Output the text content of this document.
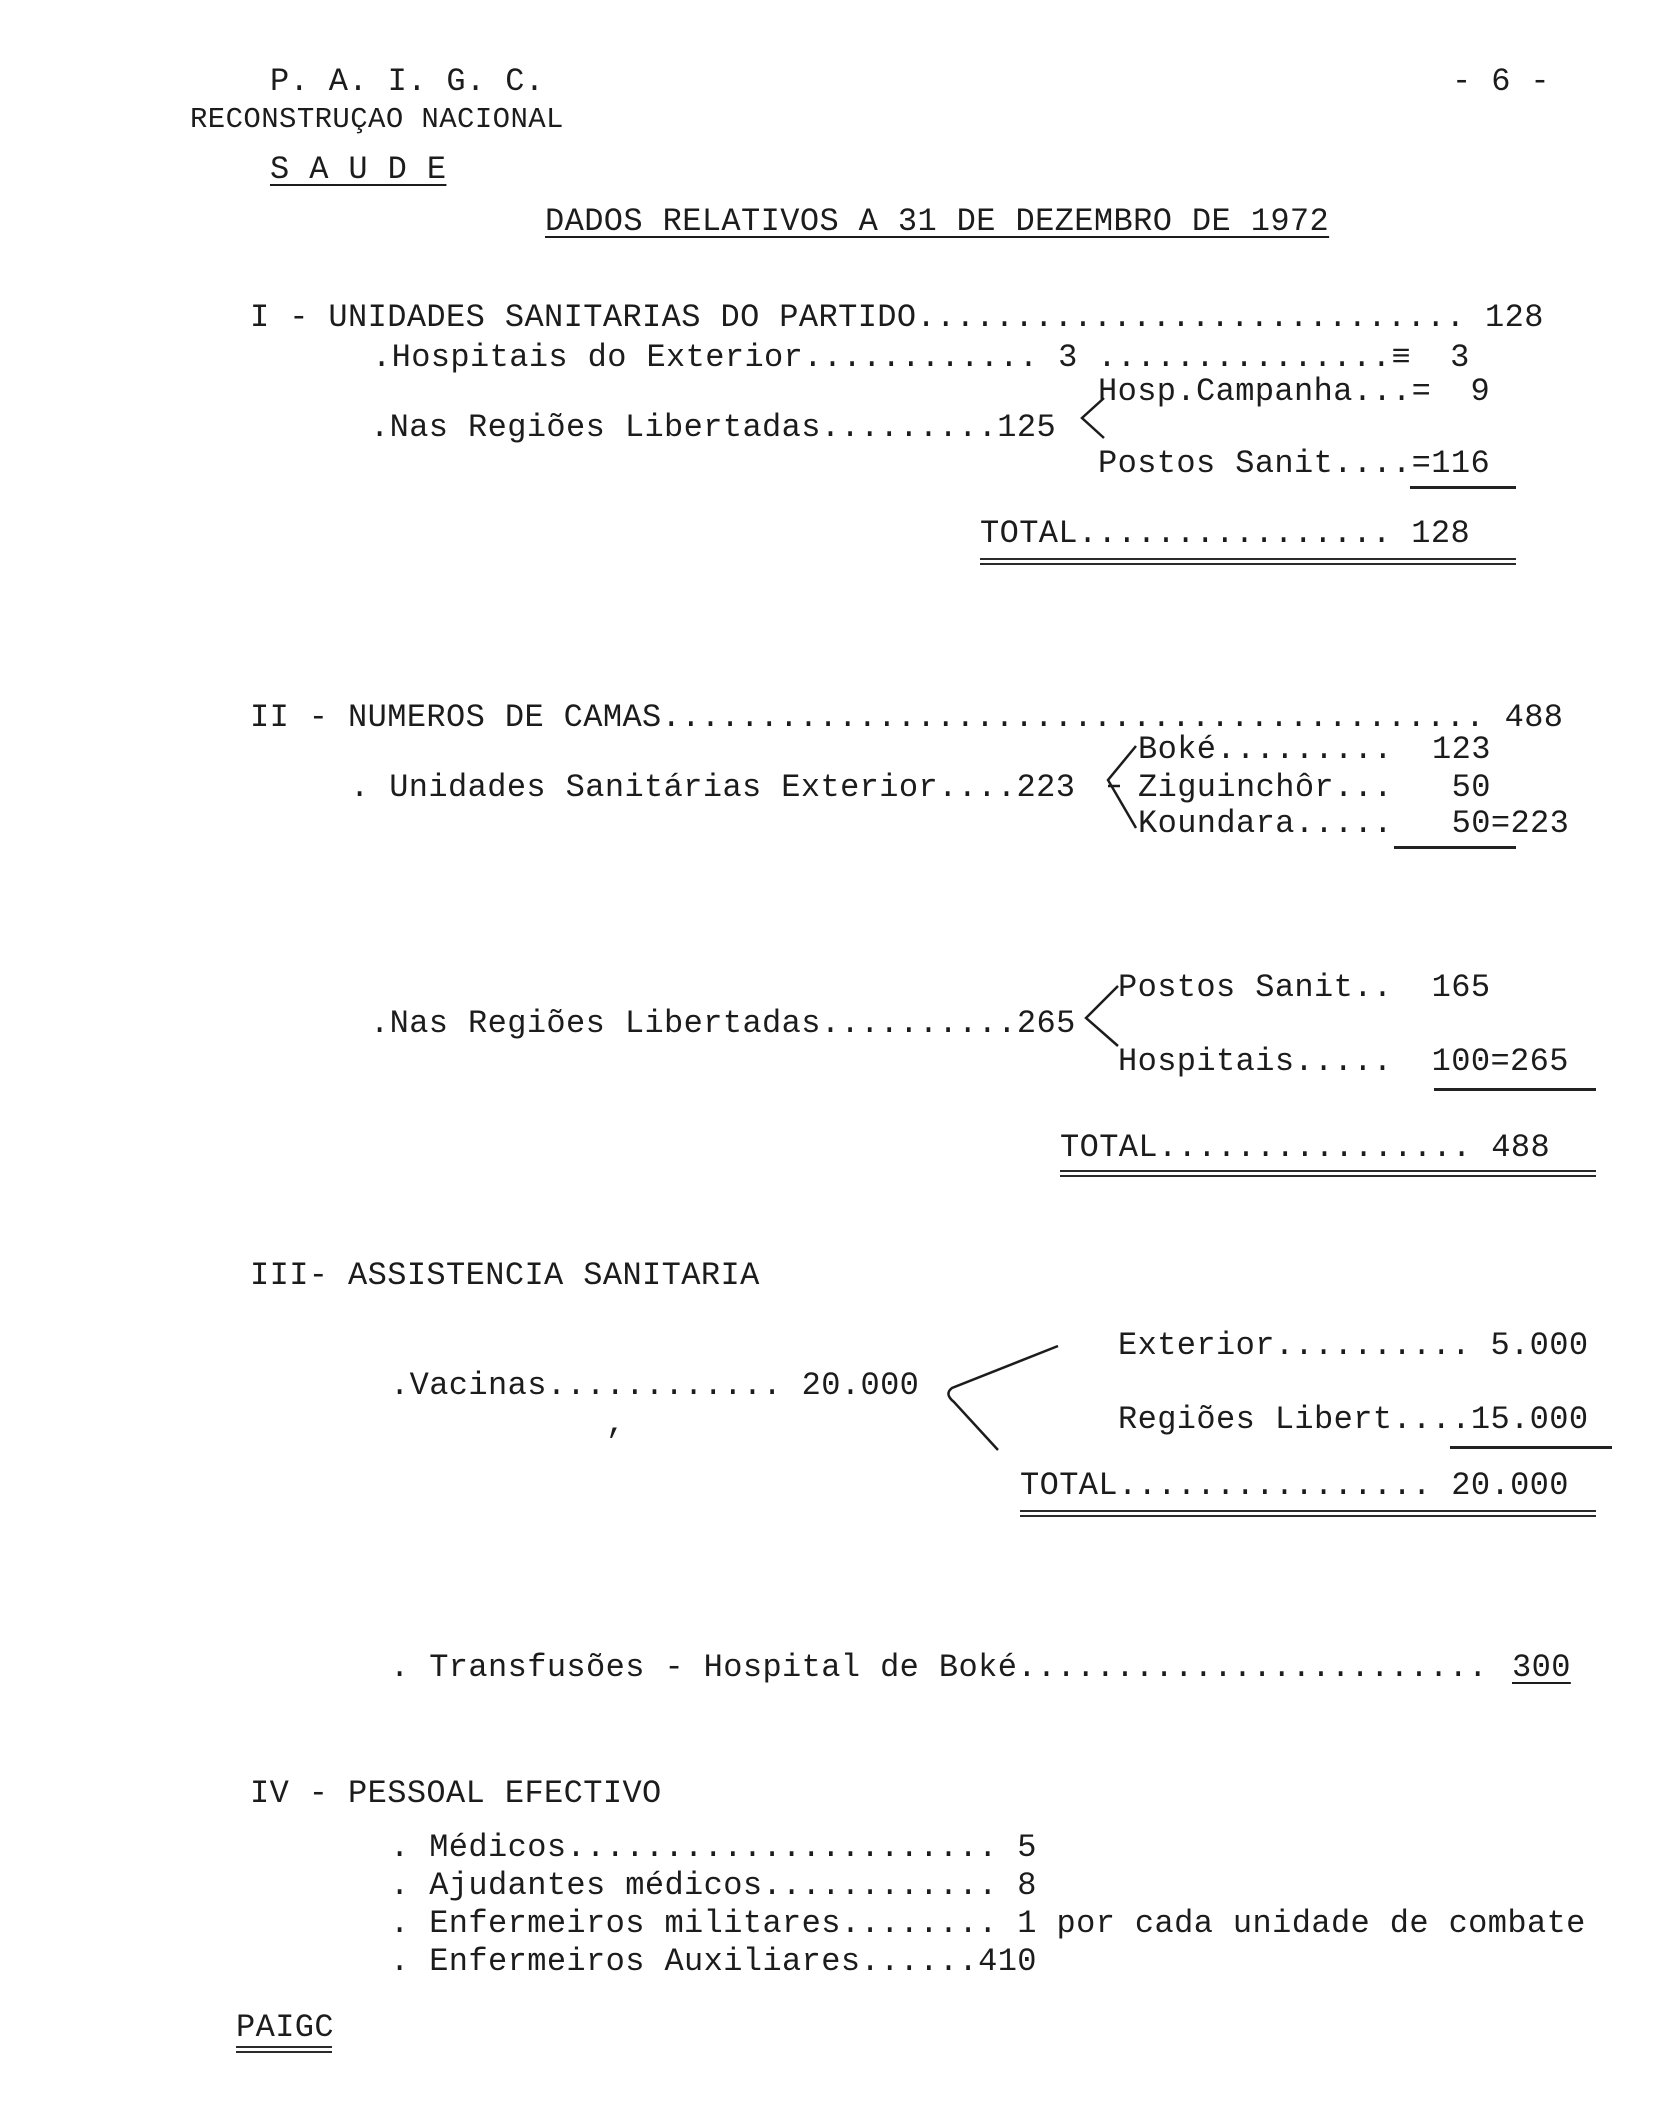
P. A. I. G. C.
RECONSTRUÇAO NACIONAL
- 6 -
S A U D E
DADOS RELATIVOS A 31 DE DEZEMBRO DE 1972
I - UNIDADES SANITARIAS DO PARTIDO............................ 128
.Hospitais do Exterior............ 3 ...............≡  3
Hosp.Campanha...=  9
.Nas Regiões Libertadas.........125
Postos Sanit....=116
TOTAL................ 128
II - NUMEROS DE CAMAS.......................................... 488
Boké.........  123
. Unidades Sanitárias Exterior....223 Ziguinchôr...   50
Koundara.....   50=223
Postos Sanit..  165
.Nas Regiões Libertadas..........265
Hospitais.....  100=265
TOTAL................ 488
III- ASSISTENCIA SANITARIA
Exterior.......... 5.000
.Vacinas............ 20.000
,	Regiões Libert....15.000
TOTAL................ 20.000
. Transfusões - Hospital de Boké........................ 300
IV - PESSOAL EFECTIVO
. Médicos...................... 5
. Ajudantes médicos............ 8
. Enfermeiros militares........ 1 por cada unidade de combate
. Enfermeiros Auxiliares......410
PAIGC
